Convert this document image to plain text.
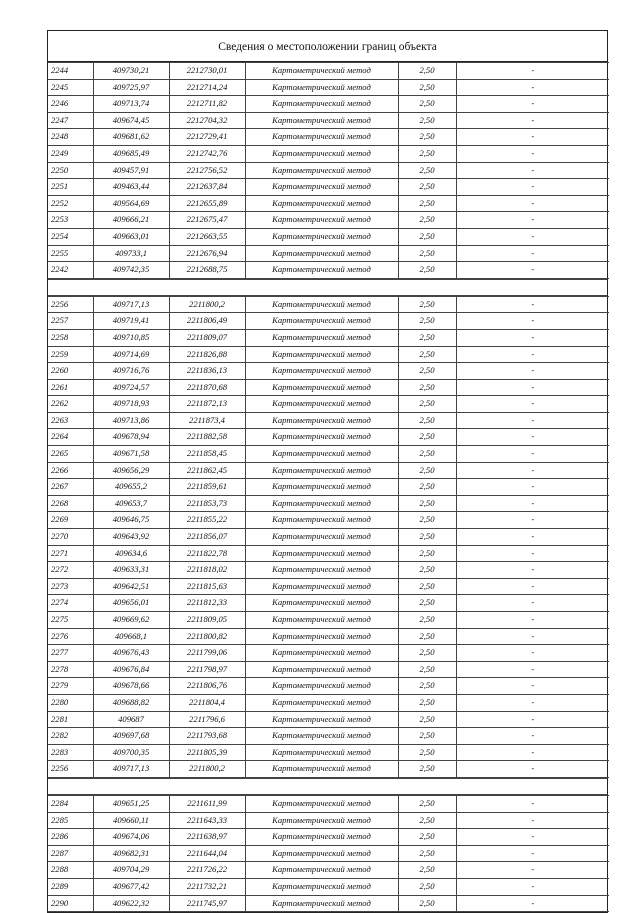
Сведения о местоположении границ объекта
2244	409730,21	2212730,01	Картометрический метод	2,50	-
2245	409725,97	2212714,24	Картометрический метод	2,50	-
2246	409713,74	2212711,82	Картометрический метод	2,50	-
2247	409674,45	2212704,32	Картометрический метод	2,50	-
2248	409681,62	2212729,41	Картометрический метод	2,50	-
2249	409685,49	2212742,76	Картометрический метод	2,50	-
2250	409457,91	2212756,52	Картометрический метод	2,50	-
2251	409463,44	2212637,84	Картометрический метод	2,50	-
2252	409564,69	2212655,89	Картометрический метод	2,50	-
2253	409666,21	2212675,47	Картометрический метод	2,50	-
2254	409663,01	2212663,55	Картометрический метод	2,50	-
2255	409733,1	2212676,94	Картометрический метод	2,50	-
2242	409742,35	2212688,75	Картометрический метод	2,50	-
2256	409717,13	2211800,2	Картометрический метод	2,50	-
2257	409719,41	2211806,49	Картометрический метод	2,50	-
2258	409710,85	2211809,07	Картометрический метод	2,50	-
2259	409714,69	2211826,88	Картометрический метод	2,50	-
2260	409716,76	2211836,13	Картометрический метод	2,50	-
2261	409724,57	2211870,68	Картометрический метод	2,50	-
2262	409718,93	2211872,13	Картометрический метод	2,50	-
2263	409713,86	2211873,4	Картометрический метод	2,50	-
2264	409678,94	2211882,58	Картометрический метод	2,50	-
2265	409671,58	2211858,45	Картометрический метод	2,50	-
2266	409656,29	2211862,45	Картометрический метод	2,50	-
2267	409655,2	2211859,61	Картометрический метод	2,50	-
2268	409653,7	2211853,73	Картометрический метод	2,50	-
2269	409646,75	2211855,22	Картометрический метод	2,50	-
2270	409643,92	2211856,07	Картометрический метод	2,50	-
2271	409634,6	2211822,78	Картометрический метод	2,50	-
2272	409633,31	2211818,02	Картометрический метод	2,50	-
2273	409642,51	2211815,63	Картометрический метод	2,50	-
2274	409656,01	2211812,33	Картометрический метод	2,50	-
2275	409669,62	2211809,05	Картометрический метод	2,50	-
2276	409668,1	2211800,82	Картометрический метод	2,50	-
2277	409676,43	2211799,06	Картометрический метод	2,50	-
2278	409676,84	2211798,97	Картометрический метод	2,50	-
2279	409678,66	2211806,76	Картометрический метод	2,50	-
2280	409688,82	2211804,4	Картометрический метод	2,50	-
2281	409687	2211796,6	Картометрический метод	2,50	-
2282	409697,68	2211793,68	Картометрический метод	2,50	-
2283	409700,35	2211805,39	Картометрический метод	2,50	-
2256	409717,13	2211800,2	Картометрический метод	2,50	-
2284	409651,25	2211611,99	Картометрический метод	2,50	-
2285	409660,11	2211643,33	Картометрический метод	2,50	-
2286	409674,06	2211638,97	Картометрический метод	2,50	-
2287	409682,31	2211644,04	Картометрический метод	2,50	-
2288	409704,29	2211726,22	Картометрический метод	2,50	-
2289	409677,42	2211732,21	Картометрический метод	2,50	-
2290	409622,32	2211745,97	Картометрический метод	2,50	-
